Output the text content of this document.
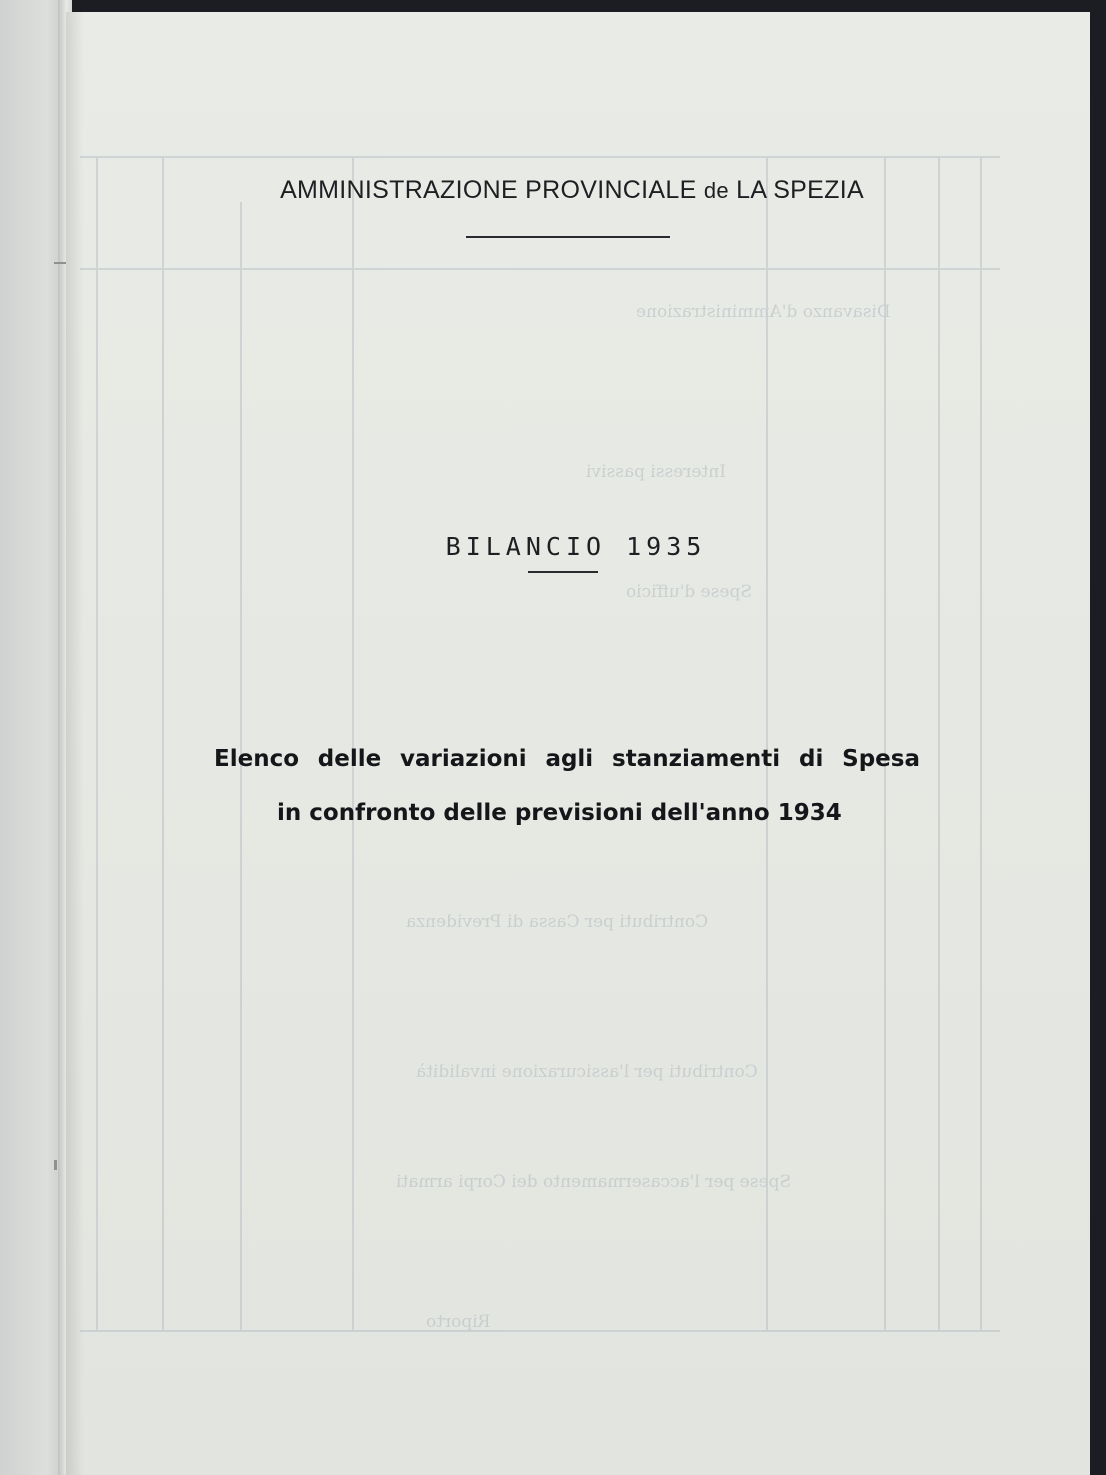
Disavanzo d'Amministrazione
Interessi passivi
Spese d'ufficio
Contributi per Cassa di Previdenza
Contributi per l'assicurazione invalidità
Spese per l'accasermamento dei Corpi armati
Riporto
AMMINISTRAZIONE PROVINCIALE de LA SPEZIA
BILANCIO 1935
Elenco delle variazioni agli stanziamenti di Spesa
in confronto delle previsioni dell'anno 1934
